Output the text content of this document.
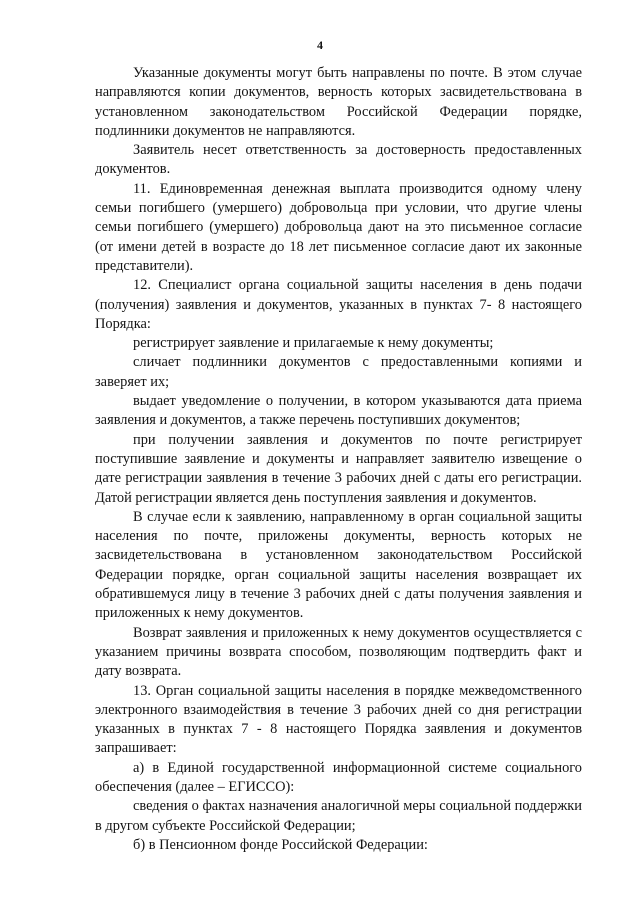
4

Указанные документы могут быть направлены по почте. В этом случае направляются копии документов, верность которых засвидетельствована в установленном законодательством Российской Федерации порядке, подлинники документов не направляются.

Заявитель несет ответственность за достоверность предоставленных документов.

11. Единовременная денежная выплата производится одному члену семьи погибшего (умершего) добровольца при условии, что другие члены семьи погибшего (умершего) добровольца дают на это письменное согласие (от имени детей в возрасте до 18 лет письменное согласие дают их законные представители).

12. Специалист органа социальной защиты населения в день подачи (получения) заявления и документов, указанных в пунктах 7- 8 настоящего Порядка:

регистрирует заявление и прилагаемые к нему документы;

сличает подлинники документов с предоставленными копиями и заверяет их;

выдает уведомление о получении, в котором указываются дата приема заявления и документов, а также перечень поступивших документов;

при получении заявления и документов по почте регистрирует поступившие заявление и документы и направляет заявителю извещение о дате регистрации заявления в течение 3 рабочих дней с даты его регистрации. Датой регистрации является день поступления заявления и документов.

В случае если к заявлению, направленному в орган социальной защиты населения по почте, приложены документы, верность которых не засвидетельствована в установленном законодательством Российской Федерации порядке, орган социальной защиты населения возвращает их обратившемуся лицу в течение 3 рабочих дней с даты получения заявления и приложенных к нему документов.

Возврат заявления и приложенных к нему документов осуществляется с указанием причины возврата способом, позволяющим подтвердить факт и дату возврата.

13. Орган социальной защиты населения в порядке межведомственного электронного взаимодействия в течение 3 рабочих дней со дня регистрации указанных в пунктах 7 - 8 настоящего Порядка заявления и документов запрашивает:

а) в Единой государственной информационной системе социального обеспечения (далее – ЕГИССО):

сведения о фактах назначения аналогичной меры социальной поддержки в другом субъекте Российской Федерации;

б) в Пенсионном фонде Российской Федерации:
